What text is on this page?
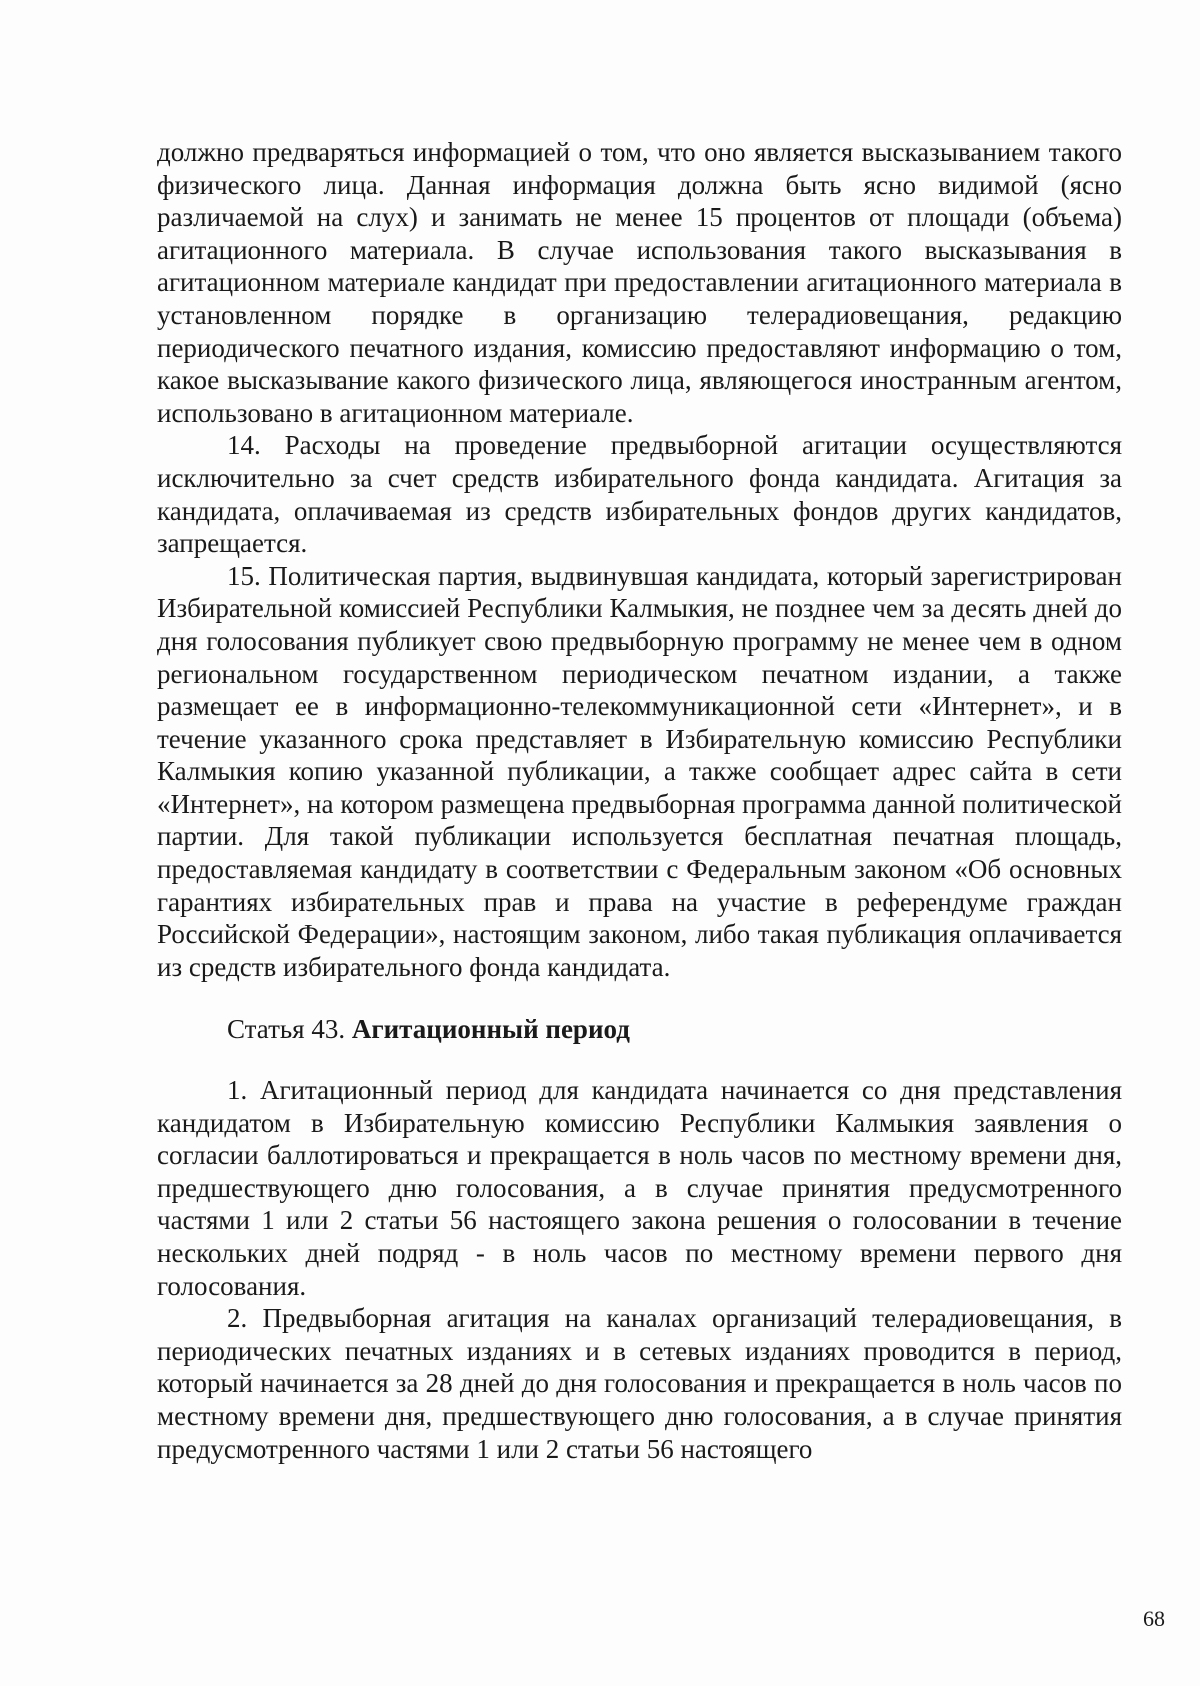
должно предваряться информацией о том, что оно является высказыванием такого физического лица. Данная информация должна быть ясно видимой (ясно различаемой на слух) и занимать не менее 15 процентов от площади (объема) агитационного материала. В случае использования такого высказывания в агитационном материале кандидат при предоставлении агитационного материала в установленном порядке в организацию телерадиовещания, редакцию периодического печатного издания, комиссию предоставляют информацию о том, какое высказывание какого физического лица, являющегося иностранным агентом, использовано в агитационном материале.

14. Расходы на проведение предвыборной агитации осуществляются исключительно за счет средств избирательного фонда кандидата. Агитация за кандидата, оплачиваемая из средств избирательных фондов других кандидатов, запрещается.

15. Политическая партия, выдвинувшая кандидата, который зарегистрирован Избирательной комиссией Республики Калмыкия, не позднее чем за десять дней до дня голосования публикует свою предвыборную программу не менее чем в одном региональном государственном периодическом печатном издании, а также размещает ее в информационно-телекоммуникационной сети «Интернет», и в течение указанного срока представляет в Избирательную комиссию Республики Калмыкия копию указанной публикации, а также сообщает адрес сайта в сети «Интернет», на котором размещена предвыборная программа данной политической партии. Для такой публикации используется бесплатная печатная площадь, предоставляемая кандидату в соответствии с Федеральным законом «Об основных гарантиях избирательных прав и права на участие в референдуме граждан Российской Федерации», настоящим законом, либо такая публикация оплачивается из средств избирательного фонда кандидата.

Статья 43. Агитационный период

1. Агитационный период для кандидата начинается со дня представления кандидатом в Избирательную комиссию Республики Калмыкия заявления о согласии баллотироваться и прекращается в ноль часов по местному времени дня, предшествующего дню голосования, а в случае принятия предусмотренного частями 1 или 2 статьи 56 настоящего закона решения о голосовании в течение нескольких дней подряд - в ноль часов по местному времени первого дня голосования.

2. Предвыборная агитация на каналах организаций телерадиовещания, в периодических печатных изданиях и в сетевых изданиях проводится в период, который начинается за 28 дней до дня голосования и прекращается в ноль часов по местному времени дня, предшествующего дню голосования, а в случае принятия предусмотренного частями 1 или 2 статьи 56 настоящего

68
